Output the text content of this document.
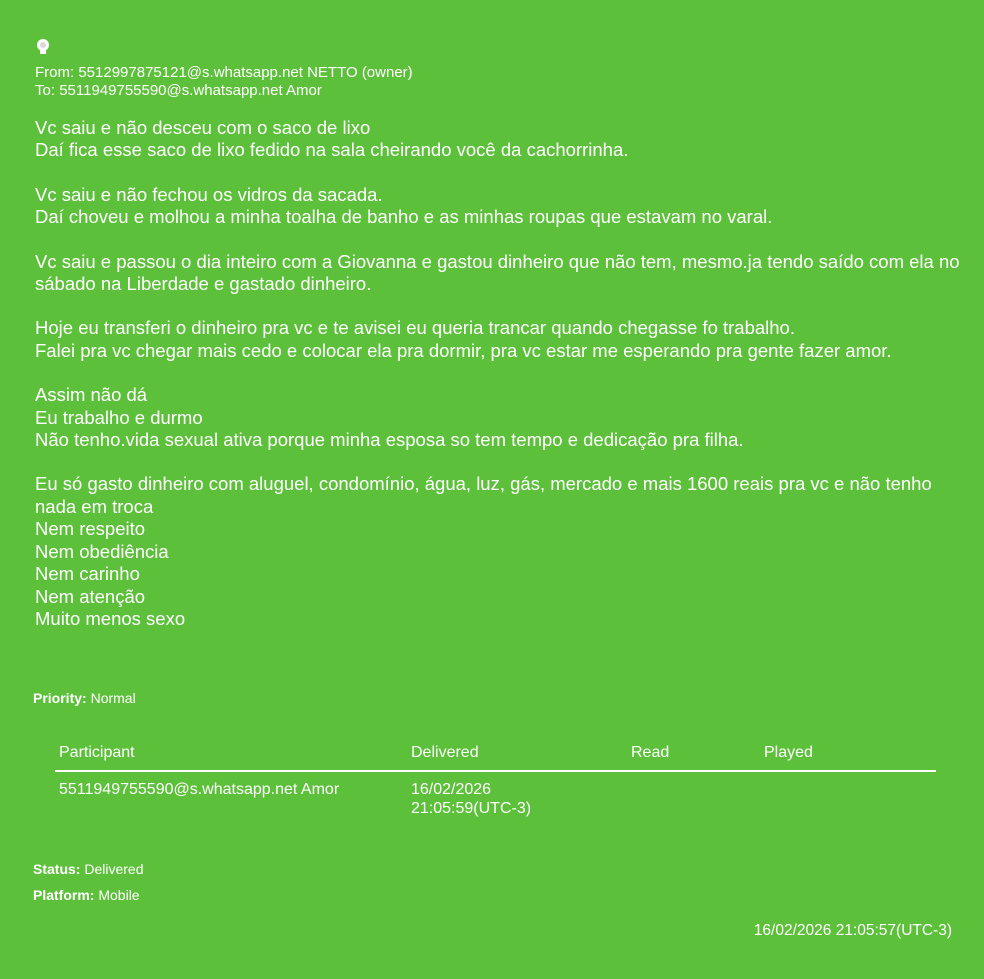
From: 5512997875121@s.whatsapp.net NETTO (owner)
To: 5511949755590@s.whatsapp.net Amor
Vc saiu e não desceu com o saco de lixo
Daí fica esse saco de lixo fedido na sala cheirando você da cachorrinha.
Vc saiu e não fechou os vidros da sacada.
Daí choveu e molhou a minha toalha de banho e as minhas roupas que estavam no varal.
Vc saiu e passou o dia inteiro com a Giovanna e gastou dinheiro que não tem, mesmo.ja tendo saído com ela no sábado na Liberdade e gastado dinheiro.
Hoje eu transferi o dinheiro pra vc e te avisei eu queria trancar quando chegasse fo trabalho.
Falei pra vc chegar mais cedo e colocar ela pra dormir, pra vc estar me esperando pra gente fazer amor.
Assim não dá
Eu trabalho e durmo
Não tenho.vida sexual ativa porque minha esposa so tem tempo e dedicação pra filha.
Eu só gasto dinheiro com aluguel, condomínio, água, luz, gás, mercado e mais 1600 reais pra vc e não tenho nada em troca
Nem respeito
Nem obediência
Nem carinho
Nem atenção
Muito menos sexo
Priority: Normal
Participant	Delivered	Read	Played
5511949755590@s.whatsapp.net Amor	16/02/2026
21:05:59(UTC-3)
Status: Delivered
Platform: Mobile
16/02/2026 21:05:57(UTC-3)
